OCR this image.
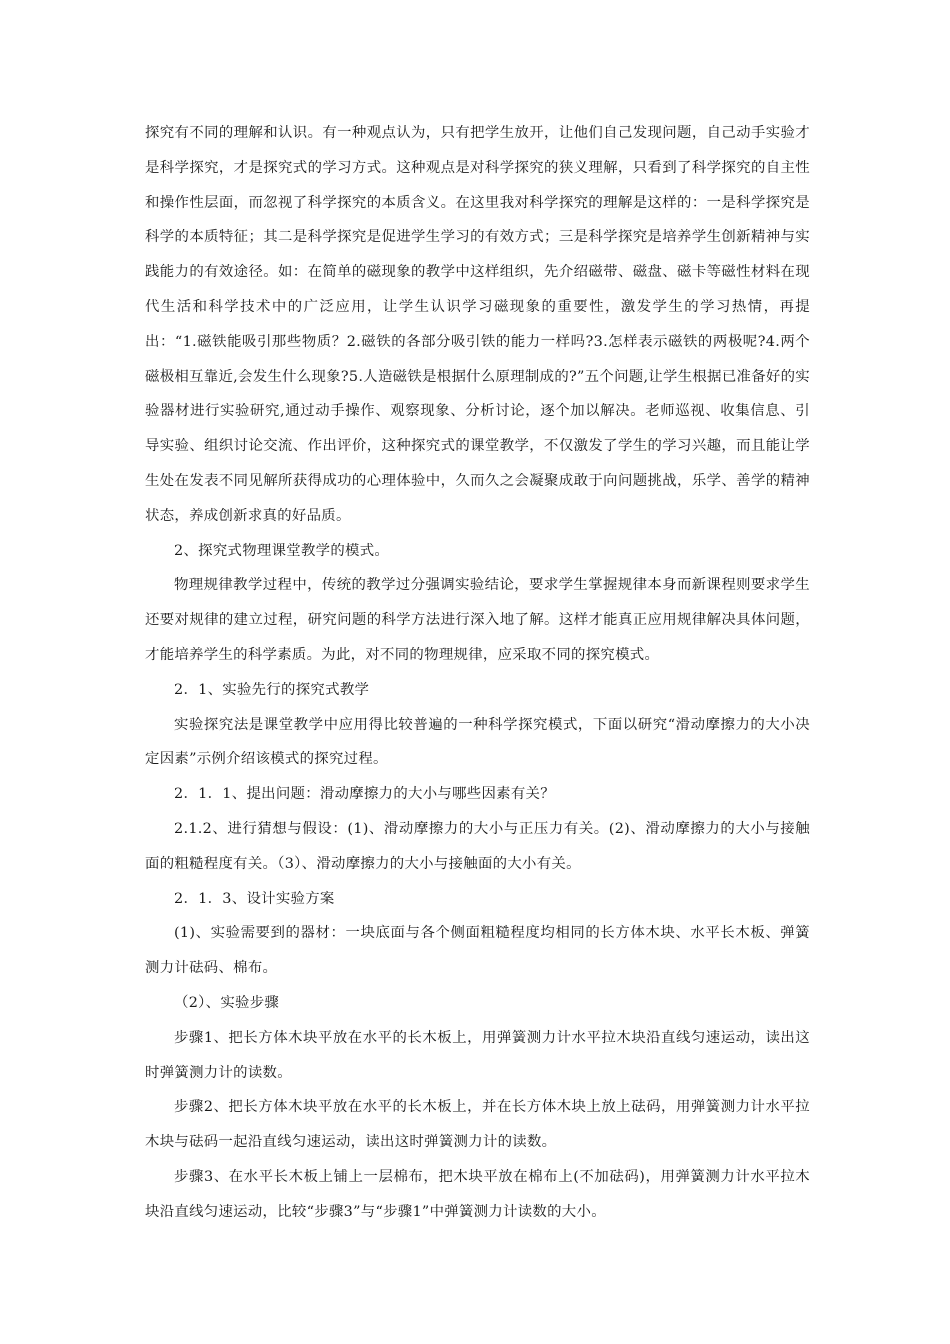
探究有不同的理解和认识。有一种观点认为，只有把学生放开，让他们自己发现问题，自己动手实验才是科学探究，才是探究式的学习方式。这种观点是对科学探究的狭义理解，只看到了科学探究的自主性和操作性层面，而忽视了科学探究的本质含义。在这里我对科学探究的理解是这样的：一是科学探究是科学的本质特征；其二是科学探究是促进学生学习的有效方式；三是科学探究是培养学生创新精神与实践能力的有效途径。如：在简单的磁现象的教学中这样组织，先介绍磁带、磁盘、磁卡等磁性材料在现代生活和科学技术中的广泛应用，让学生认识学习磁现象的重要性，激发学生的学习热情，再提出：“1.磁铁能吸引那些物质？2.磁铁的各部分吸引铁的能力一样吗?3.怎样表示磁铁的两极呢?4.两个磁极相互靠近,会发生什么现象?5.人造磁铁是根据什么原理制成的?”五个问题,让学生根据已准备好的实验器材进行实验研究,通过动手操作、观察现象、分析讨论，逐个加以解决。老师巡视、收集信息、引导实验、组织讨论交流、作出评价，这种探究式的课堂教学，不仅激发了学生的学习兴趣，而且能让学生处在发表不同见解所获得成功的心理体验中，久而久之会凝聚成敢于向问题挑战，乐学、善学的精神状态，养成创新求真的好品质。

2、探究式物理课堂教学的模式。

物理规律教学过程中，传统的教学过分强调实验结论，要求学生掌握规律本身而新课程则要求学生还要对规律的建立过程，研究问题的科学方法进行深入地了解。这样才能真正应用规律解决具体问题，才能培养学生的科学素质。为此，对不同的物理规律，应采取不同的探究模式。

2．1、实验先行的探究式教学

实验探究法是课堂教学中应用得比较普遍的一种科学探究模式，下面以研究“滑动摩擦力的大小决定因素”示例介绍该模式的探究过程。

2．1．1、提出问题：滑动摩擦力的大小与哪些因素有关？

2.1.2、进行猜想与假设：(1)、滑动摩擦力的大小与正压力有关。(2)、滑动摩擦力的大小与接触面的粗糙程度有关。（3）、滑动摩擦力的大小与接触面的大小有关。

2．1．3、设计实验方案

(1)、实验需要到的器材：一块底面与各个侧面粗糙程度均相同的长方体木块、水平长木板、弹簧测力计砝码、棉布。

（2）、实验步骤

步骤1、把长方体木块平放在水平的长木板上，用弹簧测力计水平拉木块沿直线匀速运动，读出这时弹簧测力计的读数。

步骤2、把长方体木块平放在水平的长木板上，并在长方体木块上放上砝码，用弹簧测力计水平拉木块与砝码一起沿直线匀速运动，读出这时弹簧测力计的读数。

步骤3、在水平长木板上铺上一层棉布，把木块平放在棉布上(不加砝码)，用弹簧测力计水平拉木块沿直线匀速运动，比较“步骤3”与“步骤1”中弹簧测力计读数的大小。
